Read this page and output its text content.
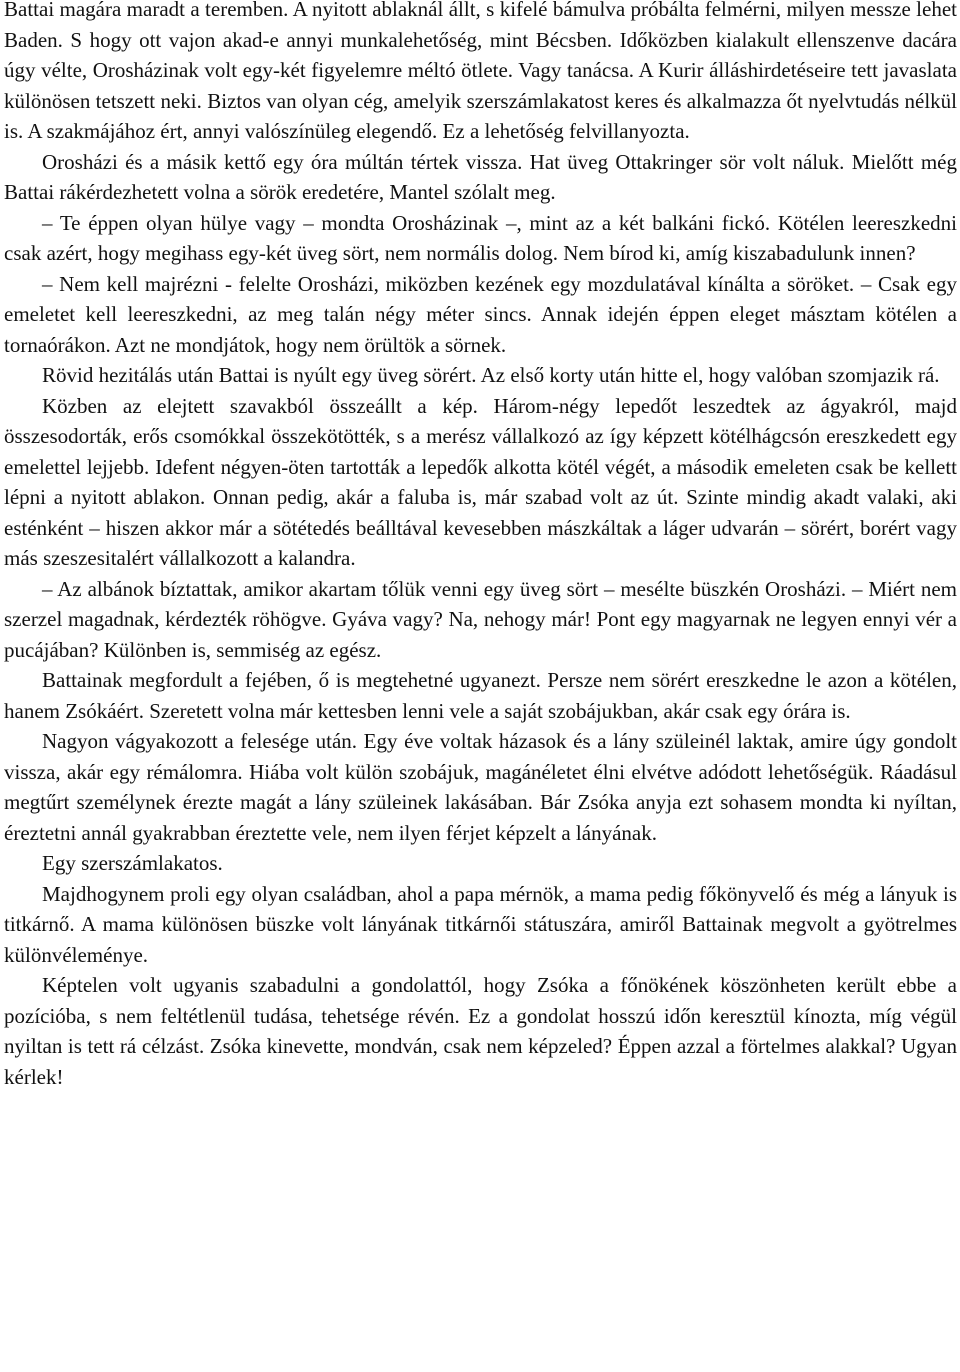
Battai magára maradt a teremben. A nyitott ablaknál állt, s kifelé bámulva próbálta felmérni, milyen messze lehet Baden. S hogy ott vajon akad-e annyi munkalehetőség, mint Bécsben. Időközben kialakult ellenszenve dacára úgy vélte, Orosházinak volt egy-két figyelemre méltó ötlete. Vagy tanácsa. A Kurir álláshirdetéseire tett javaslata különösen tetszett neki. Biztos van olyan cég, amelyik szerszámlakatost keres és alkalmazza őt nyelvtudás nélkül is. A szakmájához ért, annyi valószínüleg elegendő. Ez a lehetőség felvillanyozta.

Orosházi és a másik kettő egy óra múltán tértek vissza. Hat üveg Ottakringer sör volt náluk. Mielőtt még Battai rákérdezhetett volna a sörök eredetére, Mantel szólalt meg.

– Te éppen olyan hülye vagy – mondta Orosházinak –, mint az a két balkáni fickó. Kötélen leereszkedni csak azért, hogy megihass egy-két üveg sört, nem normális dolog. Nem bírod ki, amíg kiszabadulunk innen?

– Nem kell majrézni - felelte Orosházi, miközben kezének egy mozdulatával kínálta a söröket. – Csak egy emeletet kell leereszkedni, az meg talán négy méter sincs. Annak idején éppen eleget másztam kötélen a tornaórákon. Azt ne mondjátok, hogy nem örültök a sörnek.

Rövid hezitálás után Battai is nyúlt egy üveg sörért. Az első korty után hitte el, hogy valóban szomjazik rá.

Közben az elejtett szavakból összeállt a kép. Három-négy lepedőt leszedtek az ágyakról, majd összesodorták, erős csomókkal összekötötték, s a merész vállalkozó az így képzett kötélhágcsón ereszkedett egy emelettel lejjebb. Idefent négyen-öten tartották a lepedők alkotta kötél végét, a második emeleten csak be kellett lépni a nyitott ablakon. Onnan pedig, akár a faluba is, már szabad volt az út. Szinte mindig akadt valaki, aki esténként – hiszen akkor már a sötétedés beálltával kevesebben mászkáltak a láger udvarán – sörért, borért vagy más szeszesitalért vállalkozott a kalandra.

– Az albánok bíztattak, amikor akartam tőlük venni egy üveg sört – mesélte büszkén Orosházi. – Miért nem szerzel magadnak, kérdezték röhögve. Gyáva vagy? Na, nehogy már! Pont egy magyarnak ne legyen ennyi vér a pucájában? Különben is, semmiség az egész.

Battainak megfordult a fejében, ő is megtehetné ugyanezt. Persze nem sörért ereszkedne le azon a kötélen, hanem Zsókáért. Szeretett volna már kettesben lenni vele a saját szobájukban, akár csak egy órára is.

Nagyon vágyakozott a felesége után. Egy éve voltak házasok és a lány szüleinél laktak, amire úgy gondolt vissza, akár egy rémálomra. Hiába volt külön szobájuk, magánéletet élni elvétve adódott lehetőségük. Ráadásul megtűrt személynek érezte magát a lány szüleinek lakásában. Bár Zsóka anyja ezt sohasem mondta ki nyíltan, éreztetni annál gyakrabban éreztette vele, nem ilyen férjet képzelt a lányának.

Egy szerszámlakatos.

Majdhogynem proli egy olyan családban, ahol a papa mérnök, a mama pedig főkönyvelő és még a lányuk is titkárnő. A mama különösen büszke volt lányának titkárnői státuszára, amiről Battainak megvolt a gyötrelmes különvéleménye.

Képtelen volt ugyanis szabadulni a gondolattól, hogy Zsóka a főnökének köszönheten került ebbe a pozícióba, s nem feltétlenül tudása, tehetsége révén. Ez a gondolat hosszú időn keresztül kínozta, míg végül nyiltan is tett rá célzást. Zsóka kinevette, mondván, csak nem képzeled? Éppen azzal a förtelmes alakkal? Ugyan kérlek!
